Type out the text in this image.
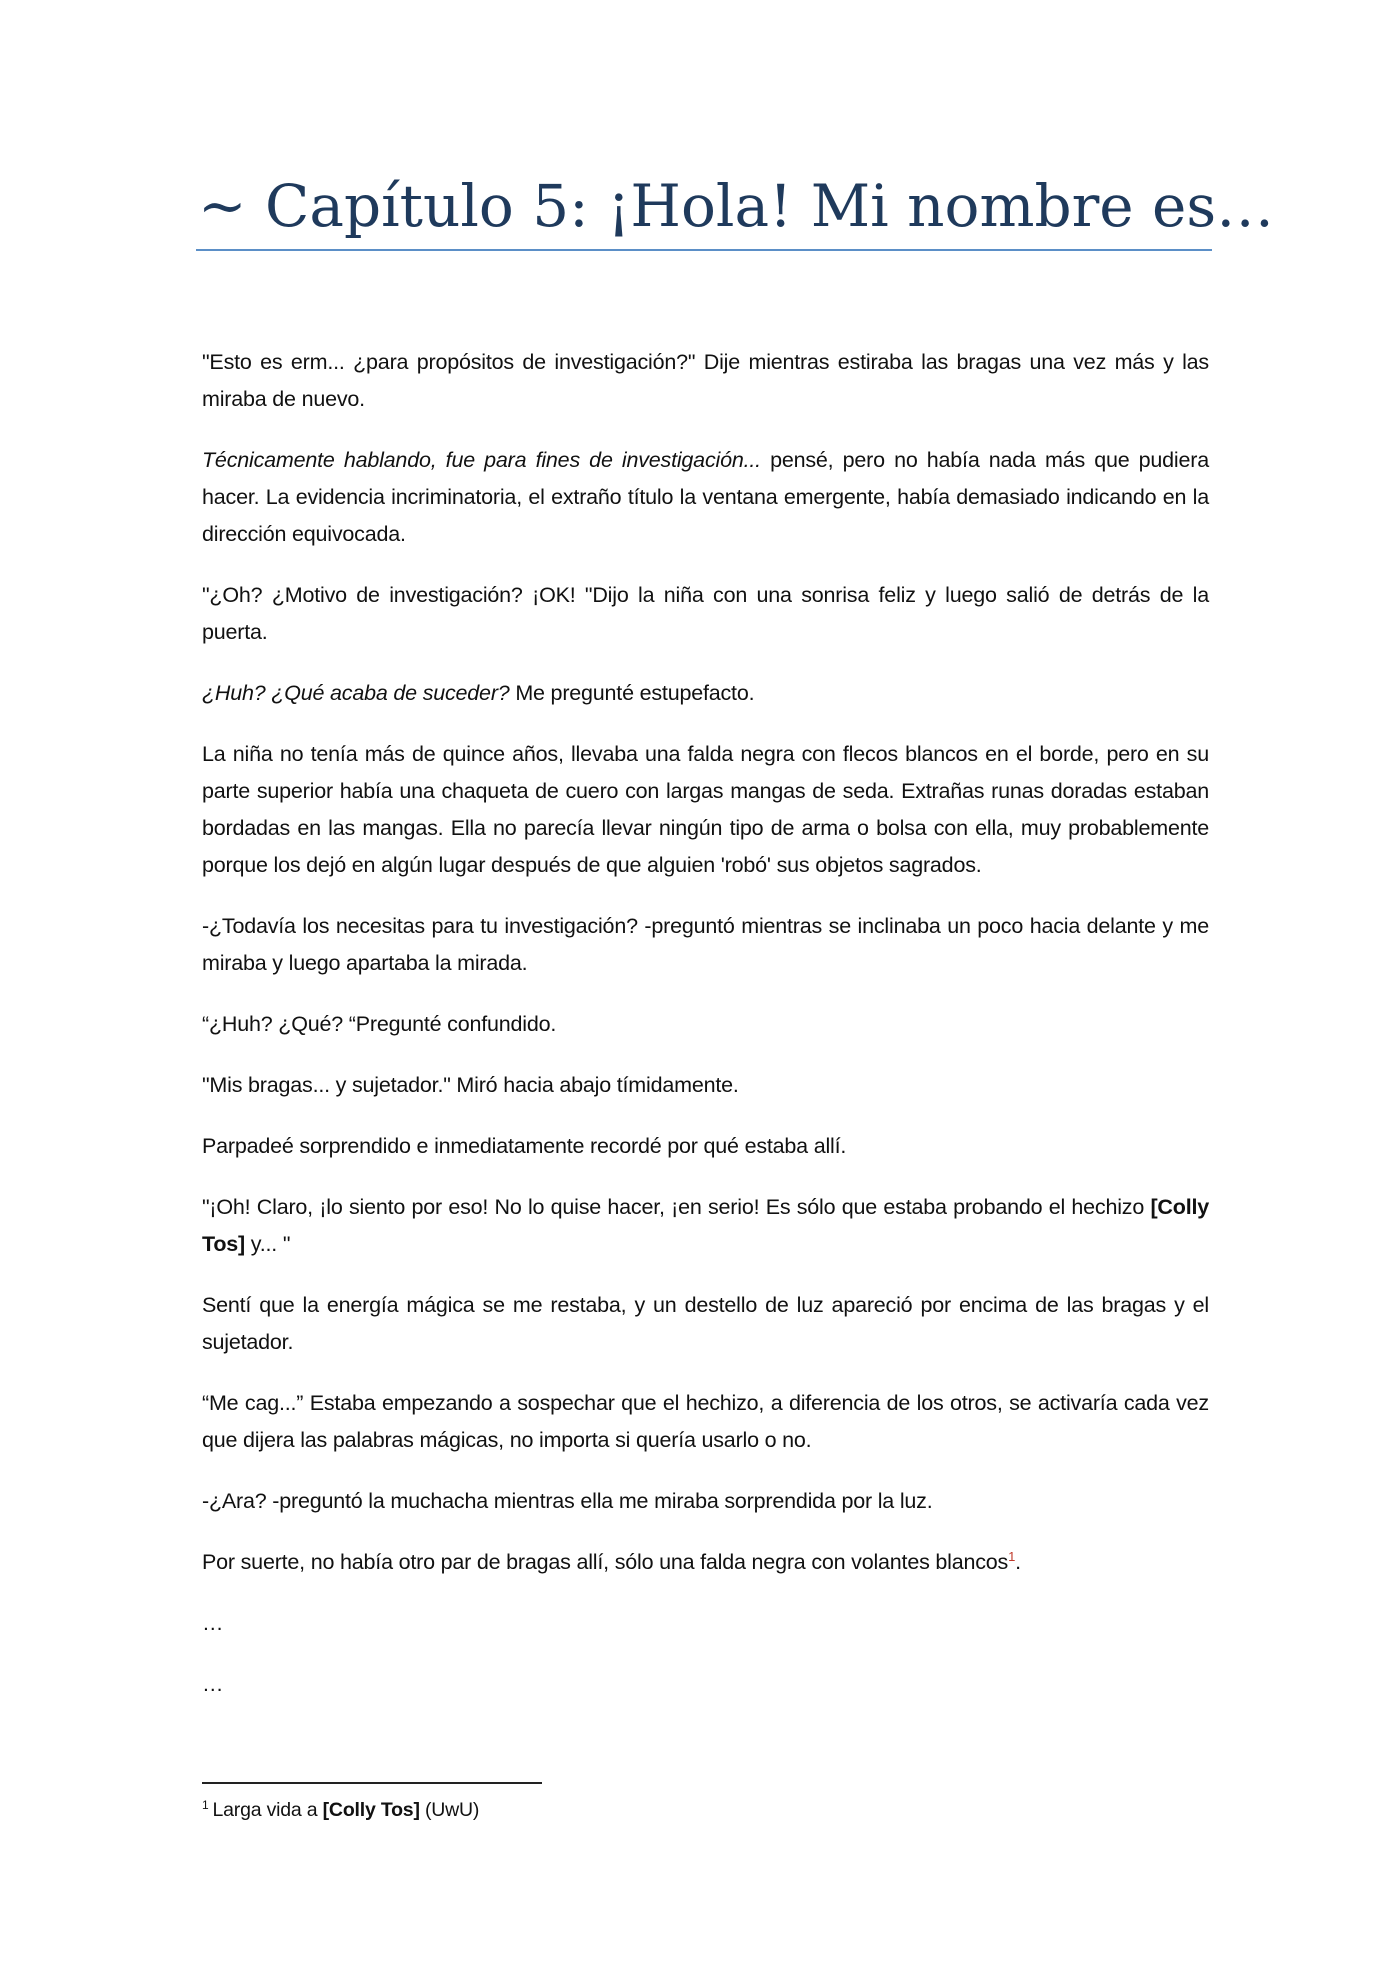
~ Capítulo 5: ¡Hola! Mi nombre es…

"Esto es erm... ¿para propósitos de investigación?" Dije mientras estiraba las bragas una vez más y las miraba de nuevo.

Técnicamente hablando, fue para fines de investigación... pensé, pero no había nada más que pudiera hacer. La evidencia incriminatoria, el extraño título la ventana emergente, había demasiado indicando en la dirección equivocada.

"¿Oh? ¿Motivo de investigación? ¡OK! "Dijo la niña con una sonrisa feliz y luego salió de detrás de la puerta.

¿Huh? ¿Qué acaba de suceder? Me pregunté estupefacto.

La niña no tenía más de quince años, llevaba una falda negra con flecos blancos en el borde, pero en su parte superior había una chaqueta de cuero con largas mangas de seda. Extrañas runas doradas estaban bordadas en las mangas. Ella no parecía llevar ningún tipo de arma o bolsa con ella, muy probablemente porque los dejó en algún lugar después de que alguien 'robó' sus objetos sagrados.

-¿Todavía los necesitas para tu investigación? -preguntó mientras se inclinaba un poco hacia delante y me miraba y luego apartaba la mirada.

“¿Huh? ¿Qué? “Pregunté confundido.

"Mis bragas... y sujetador." Miró hacia abajo tímidamente.

Parpadeé sorprendido e inmediatamente recordé por qué estaba allí.

"¡Oh! Claro, ¡lo siento por eso! No lo quise hacer, ¡en serio! Es sólo que estaba probando el hechizo [Colly Tos] y... "

Sentí que la energía mágica se me restaba, y un destello de luz apareció por encima de las bragas y el sujetador.

“Me cag...” Estaba empezando a sospechar que el hechizo, a diferencia de los otros, se activaría cada vez que dijera las palabras mágicas, no importa si quería usarlo o no.

-¿Ara? -preguntó la muchacha mientras ella me miraba sorprendida por la luz.

Por suerte, no había otro par de bragas allí, sólo una falda negra con volantes blancos$^1$.

…

…

$^1$ Larga vida a [Colly Tos] (UwU)
